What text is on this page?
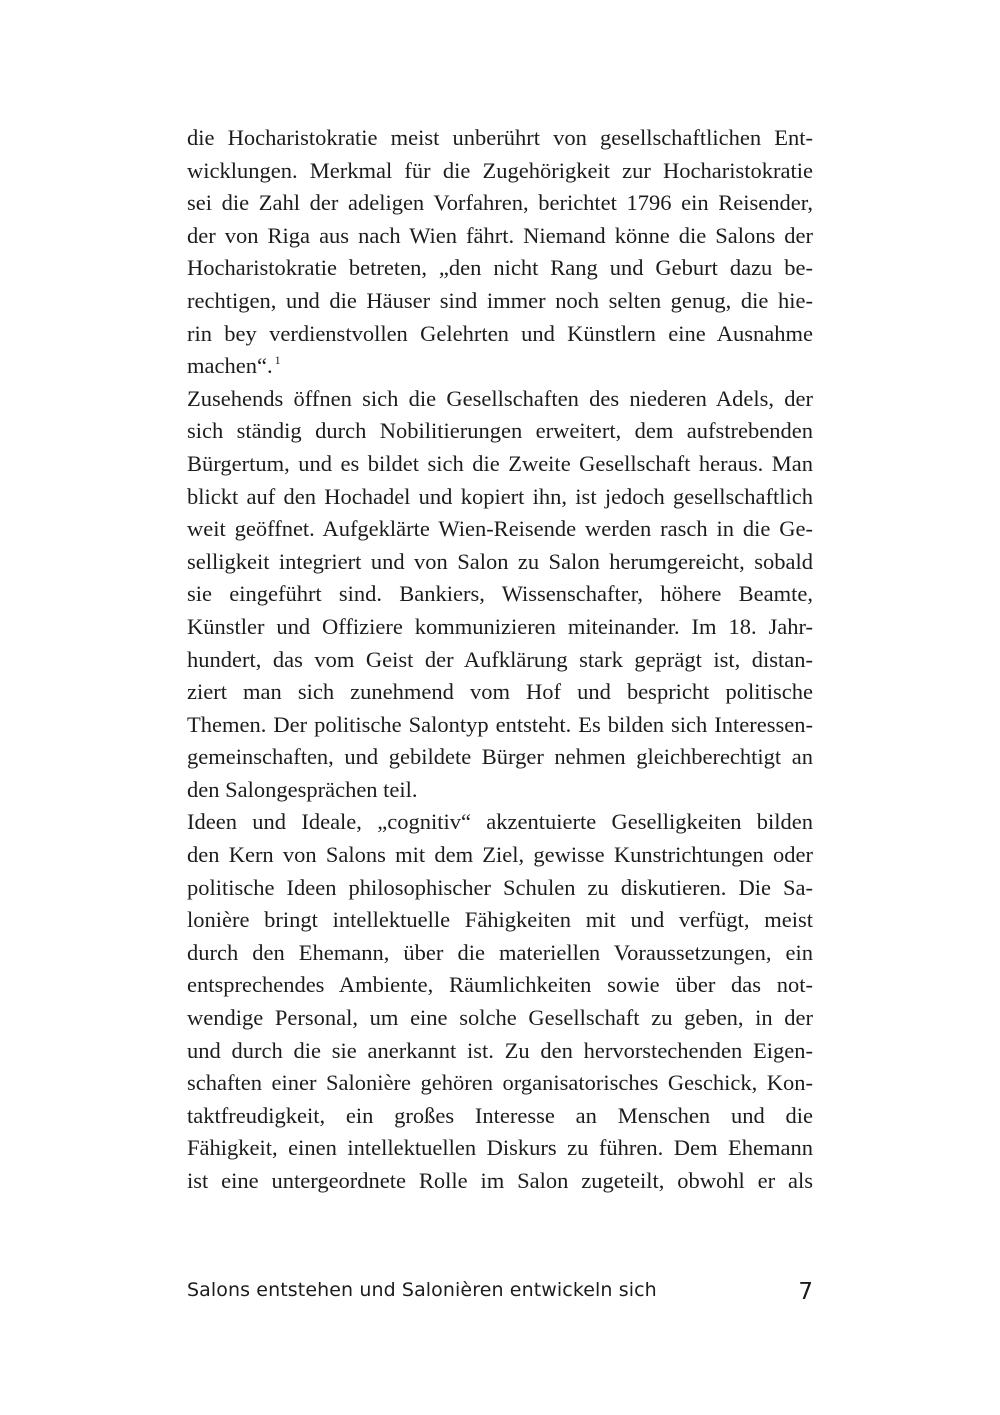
die Hocharistokratie meist unberührt von gesellschaftlichen Ent-
wicklungen. Merkmal für die Zugehörigkeit zur Hocharistokratie
sei die Zahl der adeligen Vorfahren, berichtet 1796 ein Reisender,
der von Riga aus nach Wien fährt. Niemand könne die Salons der
Hocharistokratie betreten, „den nicht Rang und Geburt dazu be-
rechtigen, und die Häuser sind immer noch selten genug, die hie-
rin bey verdienstvollen Gelehrten und Künstlern eine Ausnahme
machen“. $^1$
Zusehends öffnen sich die Gesellschaften des niederen Adels, der
sich ständig durch Nobilitierungen erweitert, dem aufstrebenden
Bürgertum, und es bildet sich die Zweite Gesellschaft heraus. Man
blickt auf den Hochadel und kopiert ihn, ist jedoch gesellschaftlich
weit geöffnet. Aufgeklärte Wien-Reisende werden rasch in die Ge-
selligkeit integriert und von Salon zu Salon herumgereicht, sobald
sie eingeführt sind. Bankiers, Wissenschafter, höhere Beamte,
Künstler und Offiziere kommunizieren miteinander. Im 18. Jahr-
hundert, das vom Geist der Aufklärung stark geprägt ist, distan-
ziert man sich zunehmend vom Hof und bespricht politische
Themen. Der politische Salontyp entsteht. Es bilden sich Interessen-
gemeinschaften, und gebildete Bürger nehmen gleichberechtigt an
den Salongesprächen teil.
Ideen und Ideale, „cognitiv“ akzentuierte Geselligkeiten bilden
den Kern von Salons mit dem Ziel, gewisse Kunstrichtungen oder
politische Ideen philosophischer Schulen zu diskutieren. Die Sa-
lonière bringt intellektuelle Fähigkeiten mit und verfügt, meist
durch den Ehemann, über die materiellen Voraussetzungen, ein
entsprechendes Ambiente, Räumlichkeiten sowie über das not-
wendige Personal, um eine solche Gesellschaft zu geben, in der
und durch die sie anerkannt ist. Zu den hervorstechenden Eigen-
schaften einer Salonière gehören organisatorisches Geschick, Kon-
taktfreudigkeit, ein großes Interesse an Menschen und die
Fähigkeit, einen intellektuellen Diskurs zu führen. Dem Ehemann
ist eine untergeordnete Rolle im Salon zugeteilt, obwohl er als
Salons entstehen und Salonièren entwickeln sich	7
